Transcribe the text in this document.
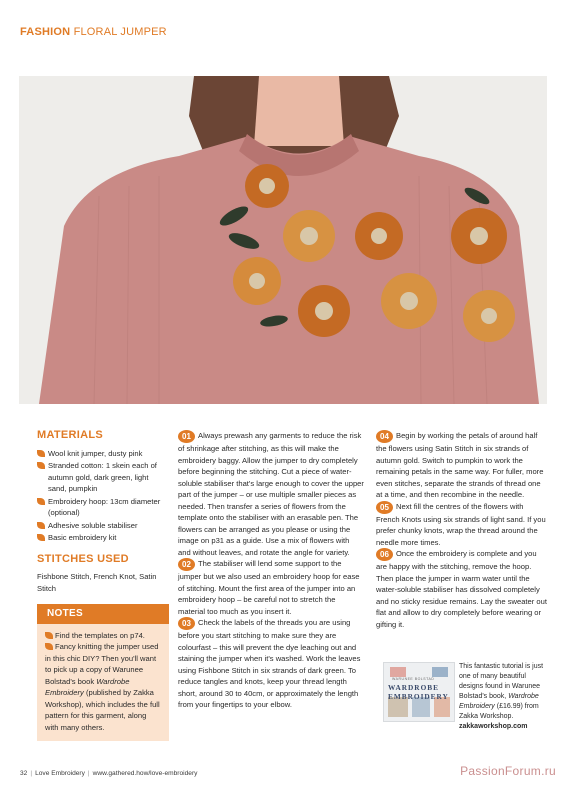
FASHION FLORAL JUMPER
MATERIALS
Wool knit jumper, dusty pink
Stranded cotton: 1 skein each of autumn gold, dark green, light sand, pumpkin
Embroidery hoop: 13cm diameter (optional)
Adhesive soluble stabiliser
Basic embroidery kit
STITCHES USED
Fishbone Stitch, French Knot, Satin Stitch
NOTES

Find the templates on p74.

Fancy knitting the jumper used in this chic DIY? Then you'll want to pick up a copy of Warunee Bolstad's book Wardrobe Embroidery (published by Zakka Workshop), which includes the full pattern for this garment, along with many others.

01 Always prewash any garments to reduce the risk of shrinkage after stitching, as this will make the embroidery baggy. Allow the jumper to dry completely before beginning the stitching. Cut a piece of water-soluble stabiliser that's large enough to cover the upper part of the jumper – or use multiple smaller pieces as needed. Then transfer a series of flowers from the template onto the stabiliser with an erasable pen. The flowers can be arranged as you please or using the image on p31 as a guide. Use a mix of flowers with and without leaves, and rotate the angle for variety.

02 The stabiliser will lend some support to the jumper but we also used an embroidery hoop for ease of stitching. Mount the first area of the jumper into an embroidery hoop – be careful not to stretch the material too much as you insert it.

03 Check the labels of the threads you are using before you start stitching to make sure they are colourfast – this will prevent the dye leaching out and staining the jumper when it's washed. Work the leaves using Fishbone Stitch in six strands of dark green. To reduce tangles and knots, keep your thread length short, around 30 to 40cm, or approximately the length from your fingertips to your elbow.

04 Begin by working the petals of around half the flowers using Satin Stitch in six strands of autumn gold. Switch to pumpkin to work the remaining petals in the same way. For fuller, more even stitches, separate the strands of thread one at a time, and then recombine in the needle.

05 Next fill the centres of the flowers with French Knots using six strands of light sand. If you prefer chunky knots, wrap the thread around the needle more times.

06 Once the embroidery is complete and you are happy with the stitching, remove the hoop. Then place the jumper in warm water until the water-soluble stabiliser has dissolved completely and no sticky residue remains. Lay the sweater out flat and allow to dry completely before wearing or gifting it.

WARUNEE BOLSTAD
WARDROBE EMBROIDERY
This fantastic tutorial is just one of many beautiful designs found in Warunee Bolstad's book, Wardrobe Embroidery (£16.99) from Zakka Workshop. zakkaworkshop.com
32 | Love Embroidery | www.gathered.how/love-embroidery	PassionForum.ru
